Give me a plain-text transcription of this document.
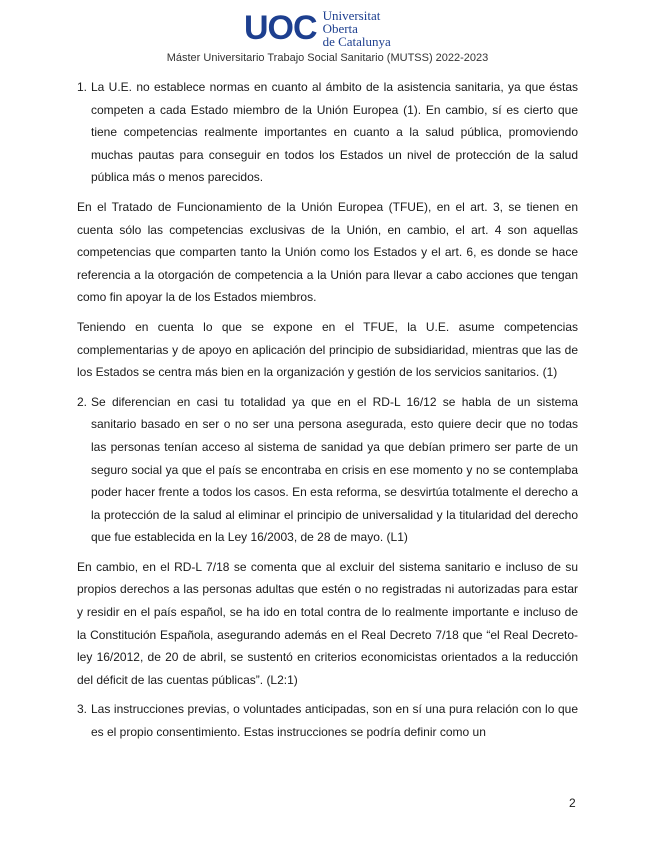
UOC Universitat Oberta
de Catalunya
Máster Universitario Trabajo Social Sanitario (MUTSS) 2022-2023
1. La U.E. no establece normas en cuanto al ámbito de la asistencia sanitaria, ya que éstas competen a cada Estado miembro de la Unión Europea (1). En cambio, sí es cierto que tiene competencias realmente importantes en cuanto a la salud pública, promoviendo muchas pautas para conseguir en todos los Estados un nivel de protección de la salud pública más o menos parecidos.

En el Tratado de Funcionamiento de la Unión Europea (TFUE), en el art. 3, se tienen en cuenta sólo las competencias exclusivas de la Unión, en cambio, el art. 4 son aquellas competencias que comparten tanto la Unión como los Estados y el art. 6, es donde se hace referencia a la otorgación de competencia a la Unión para llevar a cabo acciones que tengan como fin apoyar la de los Estados miembros.

Teniendo en cuenta lo que se expone en el TFUE, la U.E. asume competencias complementarias y de apoyo en aplicación del principio de subsidiaridad, mientras que las de los Estados se centra más bien en la organización y gestión de los servicios sanitarios. (1)

2. Se diferencian en casi tu totalidad ya que en el RD-L 16/12 se habla de un sistema sanitario basado en ser o no ser una persona asegurada, esto quiere decir que no todas las personas tenían acceso al sistema de sanidad ya que debían primero ser parte de un seguro social ya que el país se encontraba en crisis en ese momento y no se contemplaba poder hacer frente a todos los casos. En esta reforma, se desvirtúa totalmente el derecho a la protección de la salud al eliminar el principio de universalidad y la titularidad del derecho que fue establecida en la Ley 16/2003, de 28 de mayo. (L1)

En cambio, en el RD-L 7/18 se comenta que al excluir del sistema sanitario e incluso de su propios derechos a las personas adultas que estén o no registradas ni autorizadas para estar y residir en el país español, se ha ido en total contra de lo realmente importante e incluso de la Constitución Española, asegurando además en el Real Decreto 7/18 que “el Real Decreto-ley 16/2012, de 20 de abril, se sustentó en criterios economicistas orientados a la reducción del déficit de las cuentas públicas”. (L2:1)

3. Las instrucciones previas, o voluntades anticipadas, son en sí una pura relación con lo que es el propio consentimiento. Estas instrucciones se podría definir como un
2
